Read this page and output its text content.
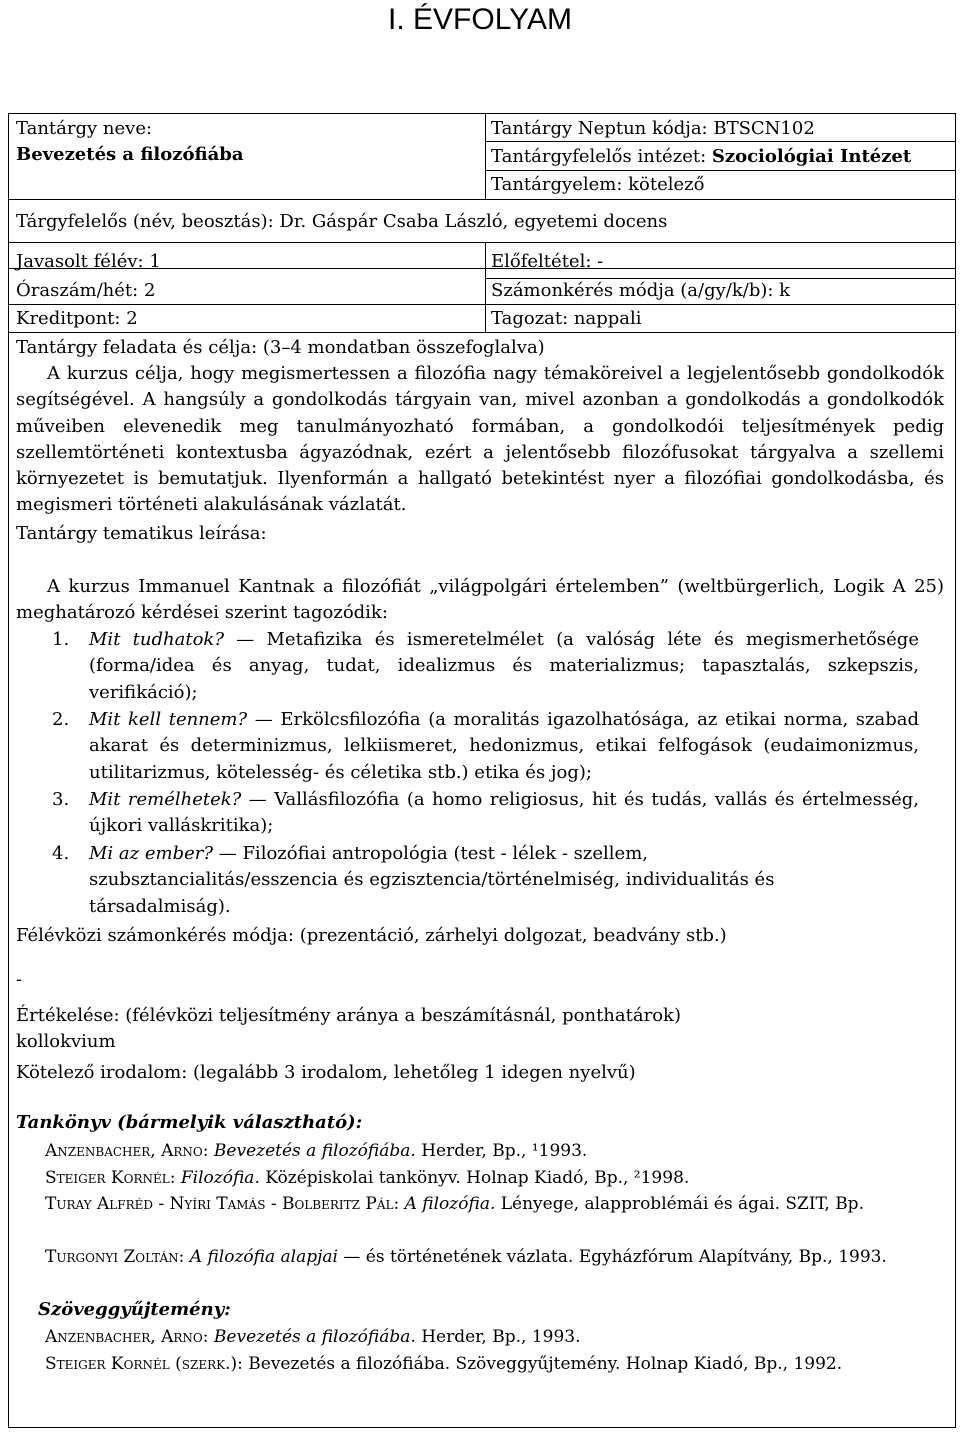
I. ÉVFOLYAM
Tantárgy neve:
Bevezetés a filozófiába
Tantárgy Neptun kódja: BTSCN102
Tantárgyfelelős intézet: Szociológiai Intézet
Tantárgyelem: kötelező
Tárgyfelelős (név, beosztás): Dr. Gáspár Csaba László, egyetemi docens
Javasolt félév: 1	Előfeltétel: -
Óraszám/hét: 2	Számonkérés módja (a/gy/k/b): k
Kreditpont: 2	Tagozat: nappali
Tantárgy feladata és célja: (3–4 mondatban összefoglalva)
A kurzus célja, hogy megismertessen a filozófia nagy témaköreivel a legjelentősebb gondolkodók segítségével. A hangsúly a gondolkodás tárgyain van, mivel azonban a gondolkodás a gondolkodók műveiben elevenedik meg tanulmányozható formában, a gondolkodói teljesítmények pedig szellemtörténeti kontextusba ágyazódnak, ezért a jelentősebb filozófusokat tárgyalva a szellemi környezetet is bemutatjuk. Ilyenformán a hallgató betekintést nyer a filozófiai gondolkodásba, és megismeri történeti alakulásának vázlatát.
Tantárgy tematikus leírása:
A kurzus Immanuel Kantnak a filozófiát „világpolgári értelemben” (weltbürgerlich, Logik A 25) meghatározó kérdései szerint tagozódik:
1. Mit tudhatok? — Metafizika és ismeretelmélet (a valóság léte és megismerhetősége (forma/idea és anyag, tudat, idealizmus és materializmus; tapasztalás, szkepszis, verifikáció);
2. Mit kell tennem? — Erkölcsfilozófia (a moralitás igazolhatósága, az etikai norma, szabad akarat és determinizmus, lelkiismeret, hedonizmus, etikai felfogások (eudaimonizmus, utilitarizmus, kötelesség- és céletika stb.) etika és jog);
3. Mit remélhetek? — Vallásfilozófia (a homo religiosus, hit és tudás, vallás és értelmesség, újkori valláskritika);
4. Mi az ember? — Filozófiai antropológia (test - lélek - szellem, szubsztancialitás/esszencia és egzisztencia/történelmiség, individualitás és társadalmiság).
Félévközi számonkérés módja: (prezentáció, zárhelyi dolgozat, beadvány stb.)
-
Értékelése: (félévközi teljesítmény aránya a beszámításnál, ponthatárok)
kollokvium
Kötelező irodalom: (legalább 3 irodalom, lehetőleg 1 idegen nyelvű)
Tankönyv (bármelyik választható):
Anzenbacher, Arno: Bevezetés a filozófiába. Herder, Bp., ¹1993.
Steiger Kornél: Filozófia. Középiskolai tankönyv. Holnap Kiadó, Bp., ²1998.
Turay Alfréd - Nyíri Tamás - Bolberitz Pál: A filozófia. Lényege, alapproblémái és ágai. SZIT, Bp.
Turgonyi Zoltán: A filozófia alapjai — és történetének vázlata. Egyházfórum Alapítvány, Bp., 1993.
Szöveggyűjtemény:
Anzenbacher, Arno: Bevezetés a filozófiába. Herder, Bp., 1993.
Steiger Kornél (szerk.): Bevezetés a filozófiába. Szöveggyűjtemény. Holnap Kiadó, Bp., 1992.
